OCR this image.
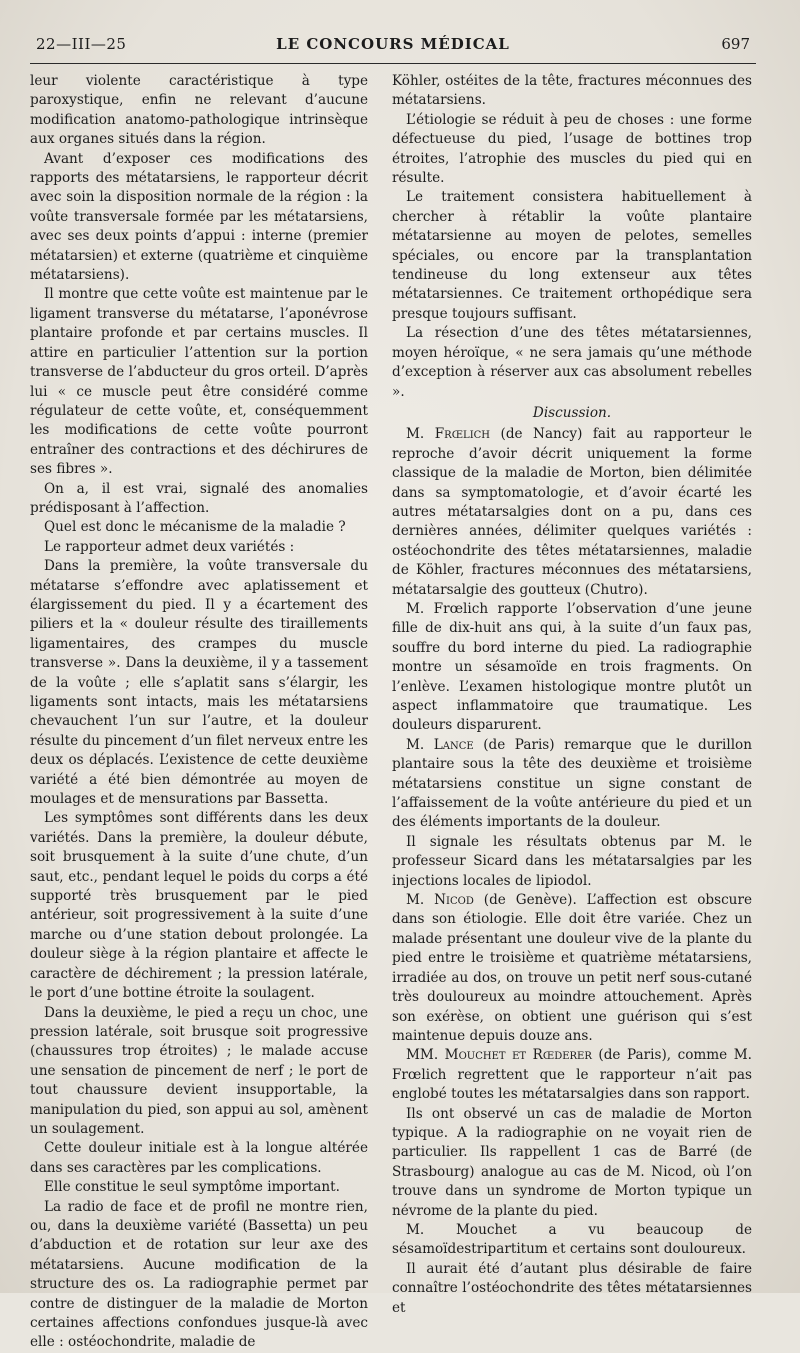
22—III—25	LE CONCOURS MÉDICAL	697

leur violente caractéristique à type paroxystique, enfin ne relevant d’aucune modification anatomo-pathologique intrinsèque aux organes situés dans la région.

Avant d’exposer ces modifications des rapports des métatarsiens, le rapporteur décrit avec soin la disposition normale de la région : la voûte transversale formée par les métatarsiens, avec ses deux points d’appui : interne (premier métatarsien) et externe (quatrième et cinquième métatarsiens).

Il montre que cette voûte est maintenue par le ligament transverse du métatarse, l’aponévrose plantaire profonde et par certains muscles. Il attire en particulier l’attention sur la portion transverse de l’abducteur du gros orteil. D’après lui « ce muscle peut être considéré comme régulateur de cette voûte, et, conséquemment les modifications de cette voûte pourront entraîner des contractions et des déchirures de ses fibres ».

On a, il est vrai, signalé des anomalies prédisposant à l’affection.

Quel est donc le mécanisme de la maladie ?

Le rapporteur admet deux variétés :

Dans la première, la voûte transversale du métatarse s’effondre avec aplatissement et élargissement du pied. Il y a écartement des piliers et la « douleur résulte des tiraillements ligamentaires, des crampes du muscle transverse ». Dans la deuxième, il y a tassement de la voûte ; elle s’aplatit sans s’élargir, les ligaments sont intacts, mais les métatarsiens chevauchent l’un sur l’autre, et la douleur résulte du pincement d’un filet nerveux entre les deux os déplacés. L’existence de cette deuxième variété a été bien démontrée au moyen de moulages et de mensurations par Bassetta.

Les symptômes sont différents dans les deux variétés. Dans la première, la douleur débute, soit brusquement à la suite d’une chute, d’un saut, etc., pendant lequel le poids du corps a été supporté très brusquement par le pied antérieur, soit progressivement à la suite d’une marche ou d’une station debout prolongée. La douleur siège à la région plantaire et affecte le caractère de déchirement ; la pression latérale, le port d’une bottine étroite la soulagent.

Dans la deuxième, le pied a reçu un choc, une pression latérale, soit brusque soit progressive (chaussures trop étroites) ; le malade accuse une sensation de pincement de nerf ; le port de tout chaussure devient insupportable, la manipulation du pied, son appui au sol, amènent un soulagement.

Cette douleur initiale est à la longue altérée dans ses caractères par les complications.

Elle constitue le seul symptôme important.

La radio de face et de profil ne montre rien, ou, dans la deuxième variété (Bassetta) un peu d’abduction et de rotation sur leur axe des métatarsiens. Aucune modification de la structure des os. La radiographie permet par contre de distinguer de la maladie de Morton certaines affections confondues jusque-là avec elle : ostéochondrite, maladie de

Köhler, ostéites de la tête, fractures méconnues des métatarsiens.

L’étiologie se réduit à peu de choses : une forme défectueuse du pied, l’usage de bottines trop étroites, l’atrophie des muscles du pied qui en résulte.

Le traitement consistera habituellement à chercher à rétablir la voûte plantaire métatarsienne au moyen de pelotes, semelles spéciales, ou encore par la transplantation tendineuse du long extenseur aux têtes métatarsiennes. Ce traitement orthopédique sera presque toujours suffisant.

La résection d’une des têtes métatarsiennes, moyen héroïque, « ne sera jamais qu’une méthode d’exception à réserver aux cas absolument rebelles ».

Discussion.

M. Frœlich (de Nancy) fait au rapporteur le reproche d’avoir décrit uniquement la forme classique de la maladie de Morton, bien délimitée dans sa symptomatologie, et d’avoir écarté les autres métatarsalgies dont on a pu, dans ces dernières années, délimiter quelques variétés : ostéochondrite des têtes métatarsiennes, maladie de Köhler, fractures méconnues des métatarsiens, métatarsalgie des goutteux (Chutro).

M. Frœlich rapporte l’observation d’une jeune fille de dix-huit ans qui, à la suite d’un faux pas, souffre du bord interne du pied. La radiographie montre un sésamoïde en trois fragments. On l’enlève. L’examen histologique montre plutôt un aspect inflammatoire que traumatique. Les douleurs disparurent.

M. Lance (de Paris) remarque que le durillon plantaire sous la tête des deuxième et troisième métatarsiens constitue un signe constant de l’affaissement de la voûte antérieure du pied et un des éléments importants de la douleur.

Il signale les résultats obtenus par M. le professeur Sicard dans les métatarsalgies par les injections locales de lipiodol.

M. Nicod (de Genève). L’affection est obscure dans son étiologie. Elle doit être variée. Chez un malade présentant une douleur vive de la plante du pied entre le troisième et quatrième métatarsiens, irradiée au dos, on trouve un petit nerf sous-cutané très douloureux au moindre attouchement. Après son exérèse, on obtient une guérison qui s’est maintenue depuis douze ans.

MM. Mouchet et Rœderer (de Paris), comme M. Frœlich regrettent que le rapporteur n’ait pas englobé toutes les métatarsalgies dans son rapport.

Ils ont observé un cas de maladie de Morton typique. A la radiographie on ne voyait rien de particulier. Ils rappellent 1 cas de Barré (de Strasbourg) analogue au cas de M. Nicod, où l’on trouve dans un syndrome de Morton typique un névrome de la plante du pied.

M. Mouchet a vu beaucoup de sésamoïdestripartitum et certains sont douloureux.

Il aurait été d’autant plus désirable de faire connaître l’ostéochondrite des têtes métatarsiennes et
